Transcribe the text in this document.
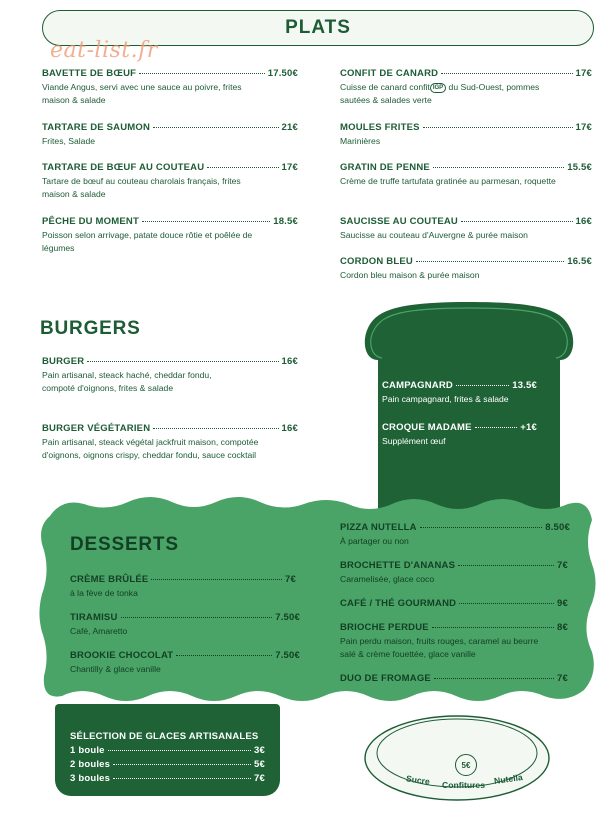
PLATS
eat-list.fr
BAVETTE DE BŒUF	17.50€
Viande Angus, servi avec une sauce au poivre, frites maison & salade
TARTARE DE SAUMON	21€
Frites, Salade
TARTARE DE BŒUF AU COUTEAU	17€
Tartare de bœuf au couteau charolais français, frites maison & salade
PÊCHE DU MOMENT	18.5€
Poisson selon arrivage, patate douce rôtie et poêlée de légumes
CONFIT DE CANARD	17€
Cuisse de canard confit IGP du Sud-Ouest, pommes sautées & salades verte
MOULES FRITES	17€
Marinières
GRATIN DE PENNE	15.5€
Crème de truffe tartufata gratinée au parmesan, roquette
SAUCISSE AU COUTEAU	16€
Saucisse au couteau d'Auvergne & purée maison
CORDON BLEU	16.5€
Cordon bleu maison & purée maison
BURGERS
BURGER	16€
Pain artisanal, steack haché, cheddar fondu, compoté d'oignons, frites & salade
BURGER VÉGÉTARIEN	16€
Pain artisanal, steack végétal jackfruit maison, compotée d'oignons, oignons crispy, cheddar fondu, sauce cocktail
CAMPAGNARD	13.5€
Pain campagnard, frites & salade
CROQUE MADAME	+1€
Supplément œuf
DESSERTS
CRÈME BRÛLÉE	7€
à la fève de tonka
TIRAMISU	7.50€
Café, Amaretto
BROOKIE CHOCOLAT	7.50€
Chantilly & glace vanille
PIZZA NUTELLA	8.50€
À partager ou non
BROCHETTE D'ANANAS	7€
Caramelisée, glace coco
CAFÉ / THÉ GOURMAND	9€
BRIOCHE PERDUE	8€
Pain perdu maison, fruits rouges, caramel au beurre salé & crème fouettée, glace vanille
DUO DE FROMAGE	7€
SÉLECTION DE GLACES ARTISANALES
1 boule	3€
2 boules	5€
3 boules	7€
5€
Sucre Confitures Nutella
